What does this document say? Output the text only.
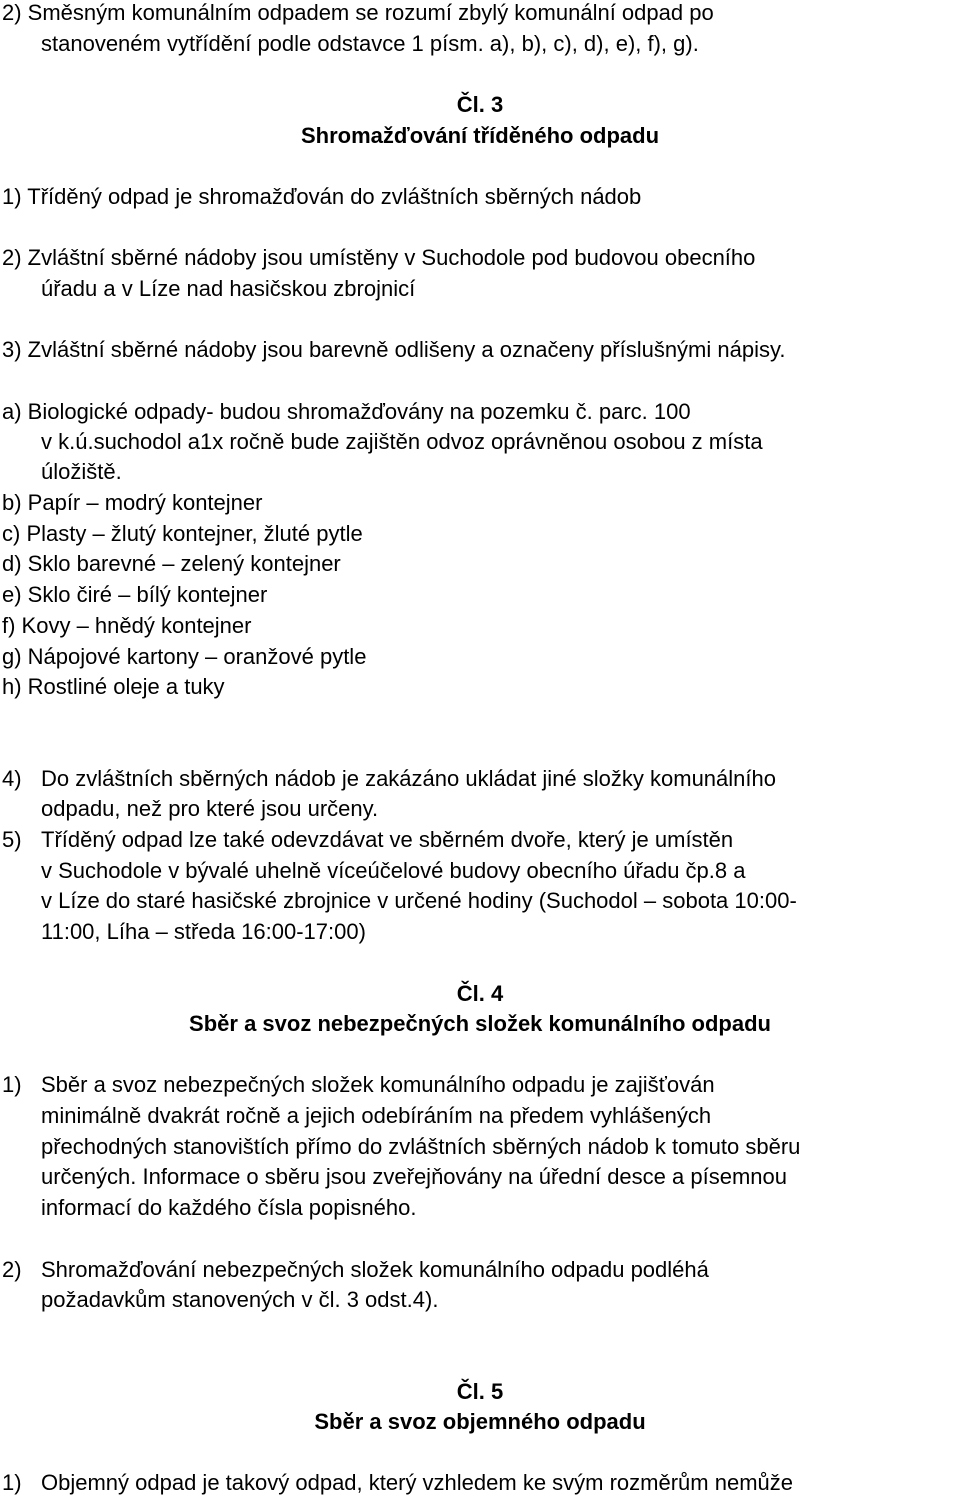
2) Směsným komunálním odpadem se rozumí zbylý komunální odpad po
stanoveném vytřídění podle odstavce 1 písm. a), b), c), d), e), f), g).
Čl. 3
Shromažďování tříděného odpadu
1) Tříděný odpad je shromažďován do zvláštních sběrných nádob
2) Zvláštní sběrné nádoby jsou umístěny v Suchodole pod budovou obecního
úřadu a v Líze nad hasičskou zbrojnicí
3) Zvláštní sběrné nádoby jsou barevně odlišeny a označeny příslušnými nápisy.
a) Biologické odpady- budou shromažďovány na pozemku č. parc. 100
v k.ú.suchodol a1x ročně bude zajištěn odvoz oprávněnou osobou z místa
úložiště.
b) Papír – modrý kontejner
c) Plasty – žlutý kontejner, žluté pytle
d) Sklo barevné – zelený kontejner
e) Sklo čiré – bílý kontejner
f) Kovy – hnědý kontejner
g) Nápojové kartony – oranžové pytle
h) Rostliné oleje a tuky
4) Do zvláštních sběrných nádob je zakázáno ukládat jiné složky komunálního
odpadu, než pro které jsou určeny.
5) Tříděný odpad lze také odevzdávat ve sběrném dvoře, který je umístěn
v Suchodole v bývalé uhelně víceúčelové budovy obecního úřadu čp.8 a
v Líze do staré hasičské zbrojnice v určené hodiny (Suchodol – sobota 10:00-
11:00, Líha – středa 16:00-17:00)
Čl. 4
Sběr a svoz nebezpečných složek komunálního odpadu
1) Sběr a svoz nebezpečných složek komunálního odpadu je zajišťován
minimálně dvakrát ročně a jejich odebíráním na předem vyhlášených
přechodných stanovištích přímo do zvláštních sběrných nádob k tomuto sběru
určených. Informace o sběru jsou zveřejňovány na úřední desce a písemnou
informací do každého čísla popisného.
2) Shromažďování nebezpečných složek komunálního odpadu podléhá
požadavkům stanovených v čl. 3 odst.4).
Čl. 5
Sběr a svoz objemného odpadu
1) Objemný odpad je takový odpad, který vzhledem ke svým rozměrům nemůže
